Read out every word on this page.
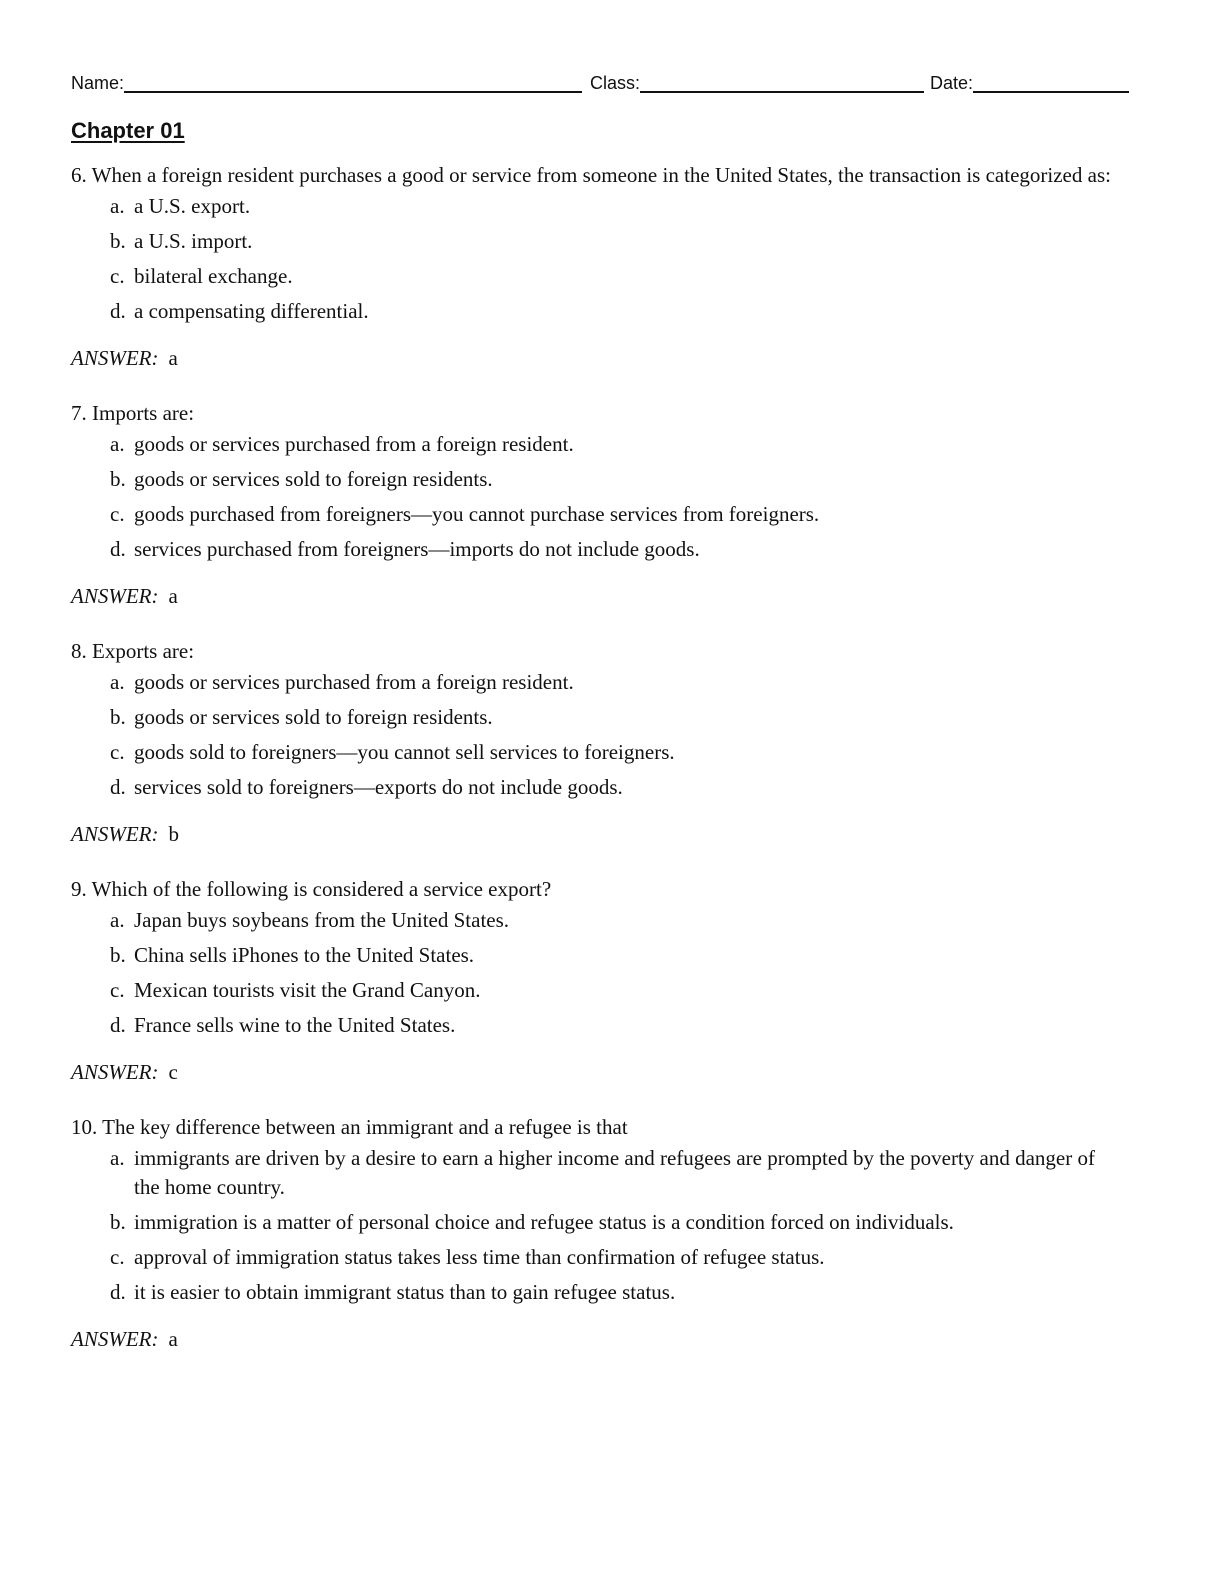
Name:	Class:	Date:
Chapter 01

6. When a foreign resident purchases a good or service from someone in the United States, the transaction is categorized as:

a. a U.S. export.
b. a U.S. import.
c. bilateral exchange.
d. a compensating differential.
ANSWER: a

7. Imports are:

a. goods or services purchased from a foreign resident.
b. goods or services sold to foreign residents.
c. goods purchased from foreigners—you cannot purchase services from foreigners.
d. services purchased from foreigners—imports do not include goods.
ANSWER: a

8. Exports are:

a. goods or services purchased from a foreign resident.
b. goods or services sold to foreign residents.
c. goods sold to foreigners—you cannot sell services to foreigners.
d. services sold to foreigners—exports do not include goods.
ANSWER: b

9. Which of the following is considered a service export?

a. Japan buys soybeans from the United States.
b. China sells iPhones to the United States.
c. Mexican tourists visit the Grand Canyon.
d. France sells wine to the United States.
ANSWER: c

10. The key difference between an immigrant and a refugee is that

a. immigrants are driven by a desire to earn a higher income and refugees are prompted by the poverty and danger of the home country.
b. immigration is a matter of personal choice and refugee status is a condition forced on individuals.
c. approval of immigration status takes less time than confirmation of refugee status.
d. it is easier to obtain immigrant status than to gain refugee status.
ANSWER: a
